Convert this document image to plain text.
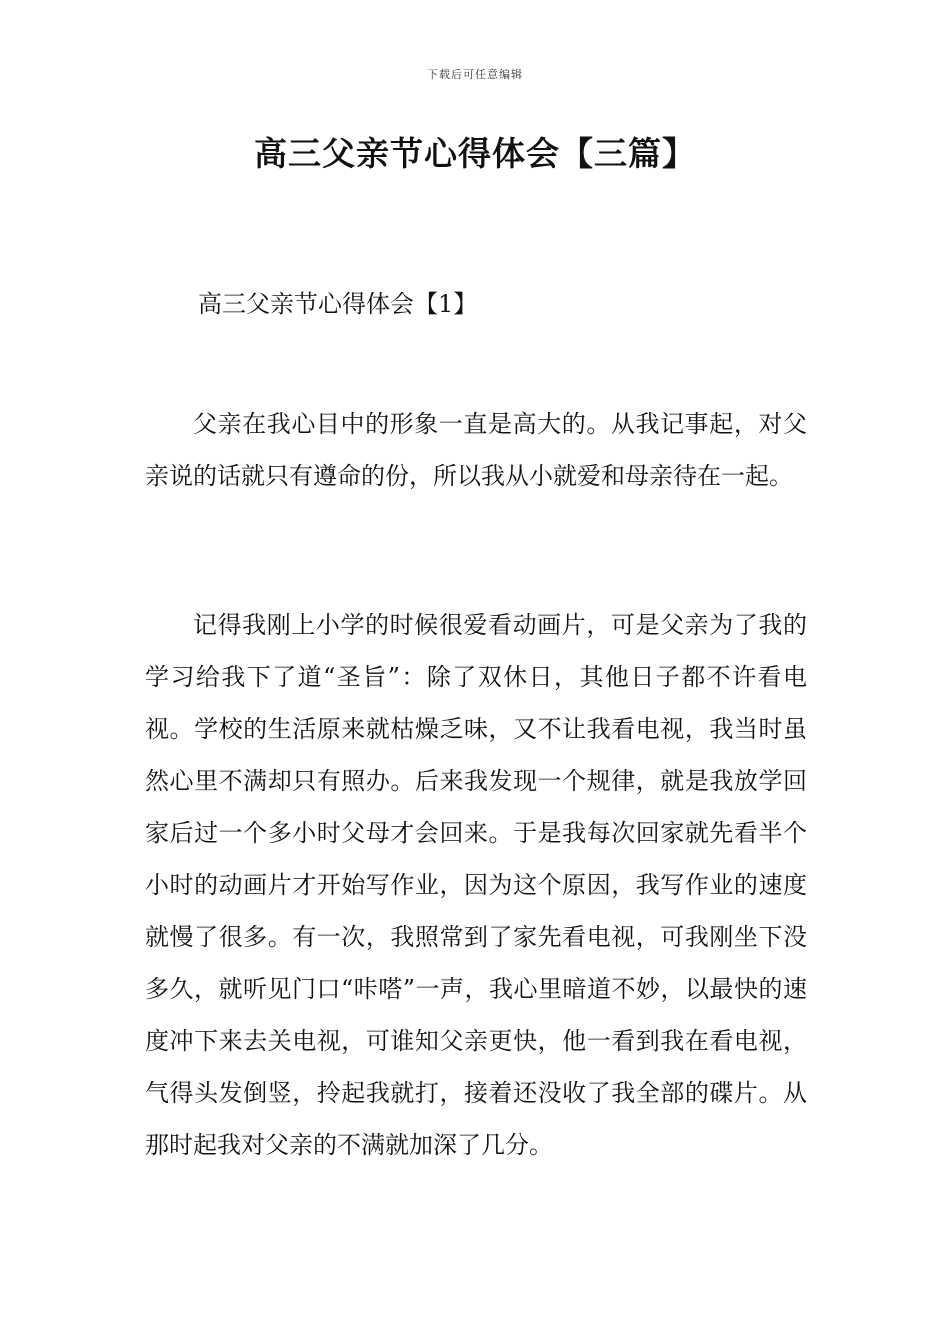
下载后可任意编辑
高三父亲节心得体会【三篇】
高三父亲节心得体会【1】

父亲在我心目中的形象一直是高大的。从我记事起，对父亲说的话就只有遵命的份，所以我从小就爱和母亲待在一起。

记得我刚上小学的时候很爱看动画片，可是父亲为了我的学习给我下了道“圣旨”：除了双休日，其他日子都不许看电视。学校的生活原来就枯燥乏味，又不让我看电视，我当时虽然心里不满却只有照办。后来我发现一个规律，就是我放学回家后过一个多小时父母才会回来。于是我每次回家就先看半个小时的动画片才开始写作业，因为这个原因，我写作业的速度就慢了很多。有一次，我照常到了家先看电视，可我刚坐下没多久，就听见门口“咔嗒”一声，我心里暗道不妙，以最快的速度冲下来去关电视，可谁知父亲更快，他一看到我在看电视，气得头发倒竖，拎起我就打，接着还没收了我全部的碟片。从那时起我对父亲的不满就加深了几分。
